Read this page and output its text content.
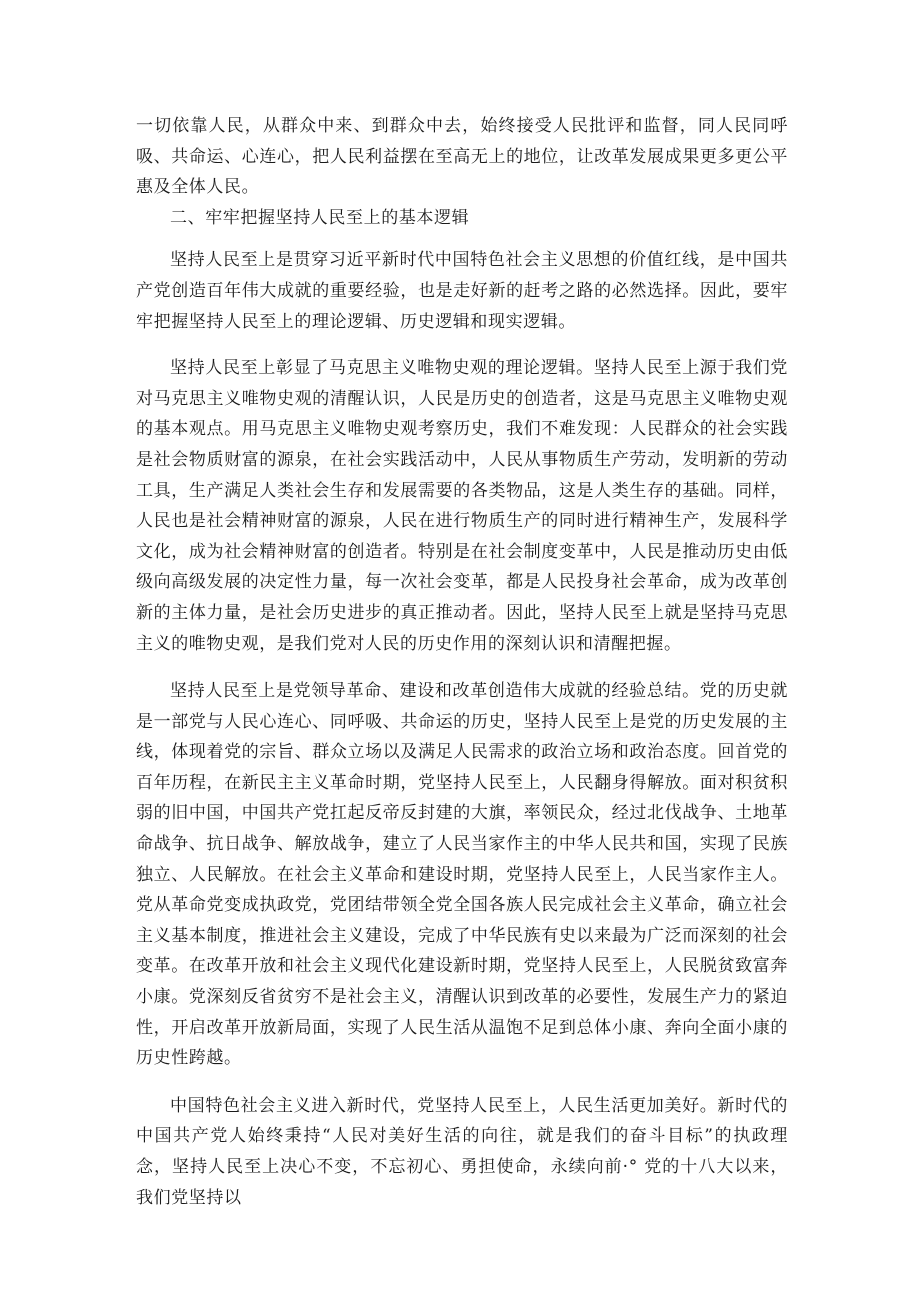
一切依靠人民，从群众中来、到群众中去，始终接受人民批评和监督，同人民同呼吸、共命运、心连心，把人民利益摆在至高无上的地位，让改革发展成果更多更公平惠及全体人民。

二、牢牢把握坚持人民至上的基本逻辑

坚持人民至上是贯穿习近平新时代中国特色社会主义思想的价值红线，是中国共产党创造百年伟大成就的重要经验，也是走好新的赶考之路的必然选择。因此，要牢牢把握坚持人民至上的理论逻辑、历史逻辑和现实逻辑。

坚持人民至上彰显了马克思主义唯物史观的理论逻辑。坚持人民至上源于我们党对马克思主义唯物史观的清醒认识，人民是历史的创造者，这是马克思主义唯物史观的基本观点。用马克思主义唯物史观考察历史，我们不难发现：人民群众的社会实践是社会物质财富的源泉，在社会实践活动中，人民从事物质生产劳动，发明新的劳动工具，生产满足人类社会生存和发展需要的各类物品，这是人类生存的基础。同样，人民也是社会精神财富的源泉，人民在进行物质生产的同时进行精神生产，发展科学文化，成为社会精神财富的创造者。特别是在社会制度变革中，人民是推动历史由低级向高级发展的决定性力量，每一次社会变革，都是人民投身社会革命，成为改革创新的主体力量，是社会历史进步的真正推动者。因此，坚持人民至上就是坚持马克思主义的唯物史观，是我们党对人民的历史作用的深刻认识和清醒把握。

坚持人民至上是党领导革命、建设和改革创造伟大成就的经验总结。党的历史就是一部党与人民心连心、同呼吸、共命运的历史，坚持人民至上是党的历史发展的主线，体现着党的宗旨、群众立场以及满足人民需求的政治立场和政治态度。回首党的百年历程，在新民主主义革命时期，党坚持人民至上，人民翻身得解放。面对积贫积弱的旧中国，中国共产党扛起反帝反封建的大旗，率领民众，经过北伐战争、土地革命战争、抗日战争、解放战争，建立了人民当家作主的中华人民共和国，实现了民族独立、人民解放。在社会主义革命和建设时期，党坚持人民至上，人民当家作主人。党从革命党变成执政党，党团结带领全党全国各族人民完成社会主义革命，确立社会主义基本制度，推进社会主义建设，完成了中华民族有史以来最为广泛而深刻的社会变革。在改革开放和社会主义现代化建设新时期，党坚持人民至上，人民脱贫致富奔小康。党深刻反省贫穷不是社会主义，清醒认识到改革的必要性，发展生产力的紧迫性，开启改革开放新局面，实现了人民生活从温饱不足到总体小康、奔向全面小康的历史性跨越。

中国特色社会主义进入新时代，党坚持人民至上，人民生活更加美好。新时代的中国共产党人始终秉持“人民对美好生活的向往，就是我们的奋斗目标”的执政理念，坚持人民至上决心不变，不忘初心、勇担使命，永续向前·° 党的十八大以来，我们党坚持以
